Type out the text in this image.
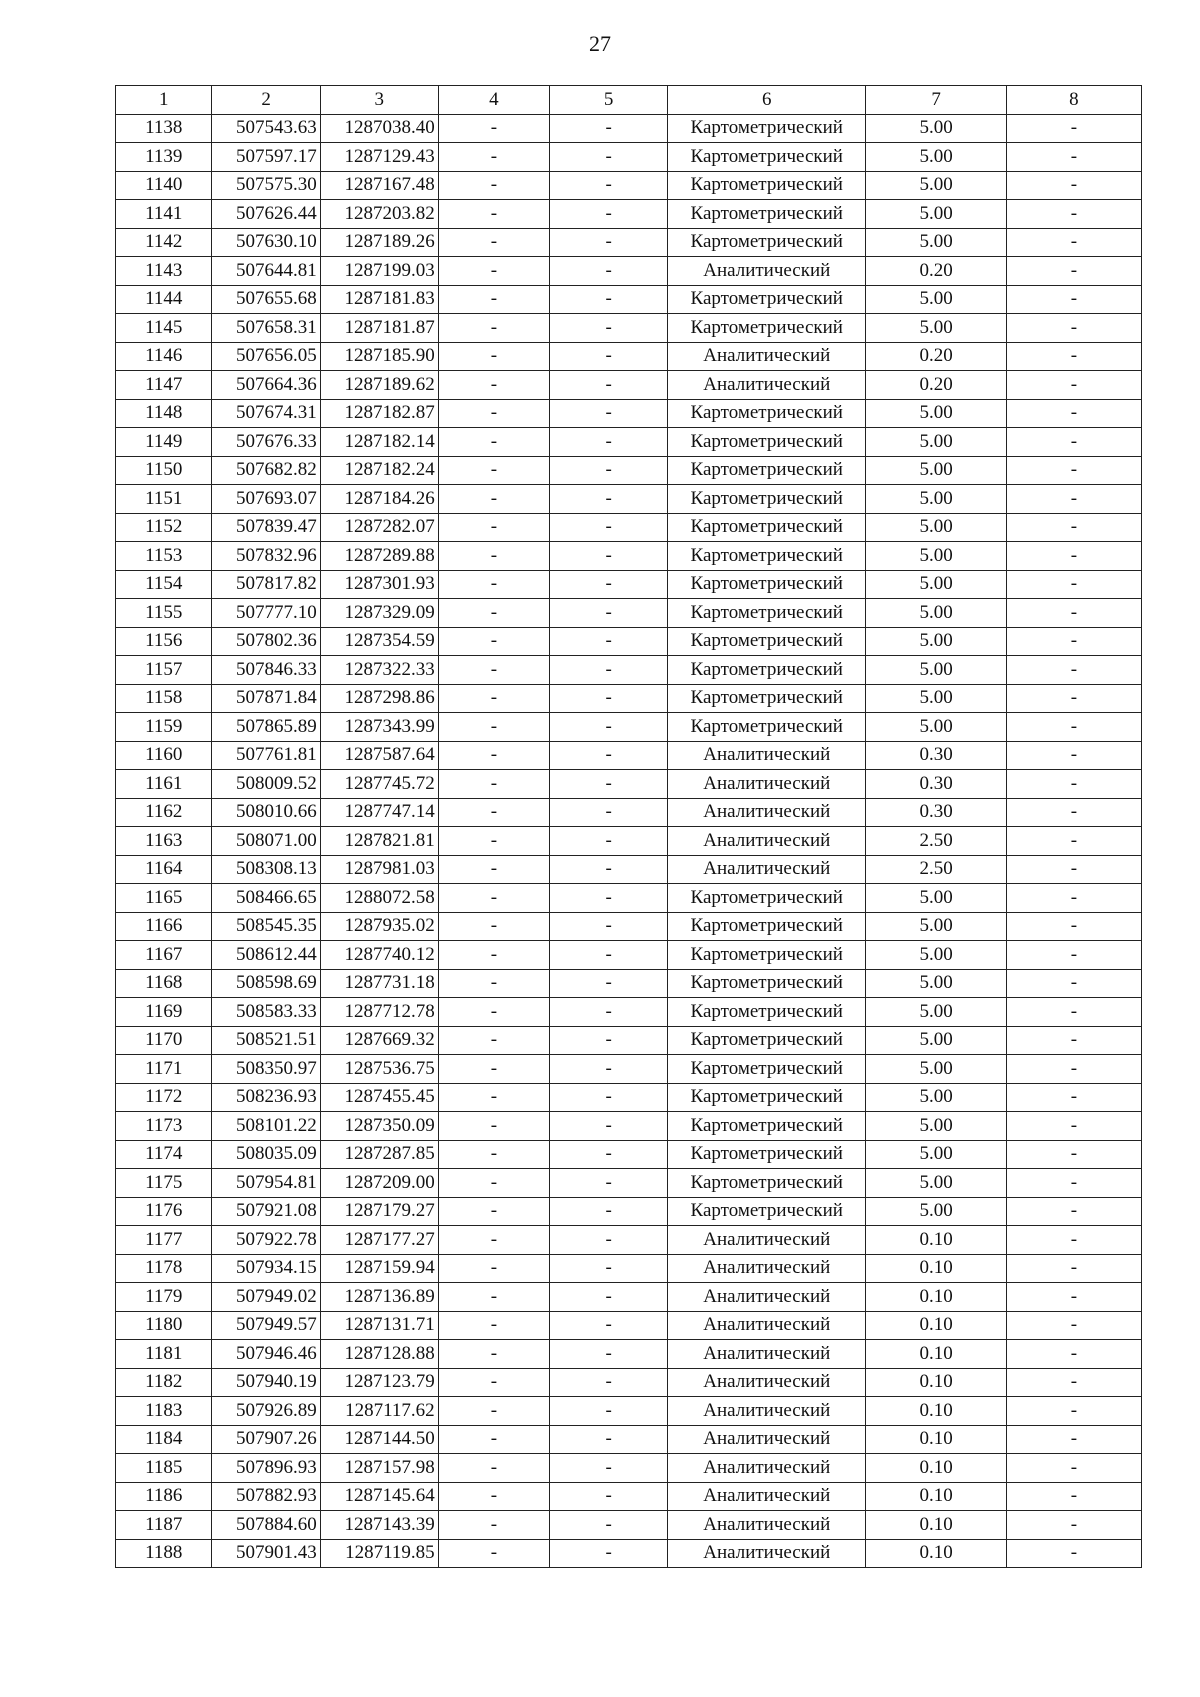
27
1	2	3	4	5	6	7	8
1138	507543.63	1287038.40	-	-	Картометрический	5.00	-
1139	507597.17	1287129.43	-	-	Картометрический	5.00	-
1140	507575.30	1287167.48	-	-	Картометрический	5.00	-
1141	507626.44	1287203.82	-	-	Картометрический	5.00	-
1142	507630.10	1287189.26	-	-	Картометрический	5.00	-
1143	507644.81	1287199.03	-	-	Аналитический	0.20	-
1144	507655.68	1287181.83	-	-	Картометрический	5.00	-
1145	507658.31	1287181.87	-	-	Картометрический	5.00	-
1146	507656.05	1287185.90	-	-	Аналитический	0.20	-
1147	507664.36	1287189.62	-	-	Аналитический	0.20	-
1148	507674.31	1287182.87	-	-	Картометрический	5.00	-
1149	507676.33	1287182.14	-	-	Картометрический	5.00	-
1150	507682.82	1287182.24	-	-	Картометрический	5.00	-
1151	507693.07	1287184.26	-	-	Картометрический	5.00	-
1152	507839.47	1287282.07	-	-	Картометрический	5.00	-
1153	507832.96	1287289.88	-	-	Картометрический	5.00	-
1154	507817.82	1287301.93	-	-	Картометрический	5.00	-
1155	507777.10	1287329.09	-	-	Картометрический	5.00	-
1156	507802.36	1287354.59	-	-	Картометрический	5.00	-
1157	507846.33	1287322.33	-	-	Картометрический	5.00	-
1158	507871.84	1287298.86	-	-	Картометрический	5.00	-
1159	507865.89	1287343.99	-	-	Картометрический	5.00	-
1160	507761.81	1287587.64	-	-	Аналитический	0.30	-
1161	508009.52	1287745.72	-	-	Аналитический	0.30	-
1162	508010.66	1287747.14	-	-	Аналитический	0.30	-
1163	508071.00	1287821.81	-	-	Аналитический	2.50	-
1164	508308.13	1287981.03	-	-	Аналитический	2.50	-
1165	508466.65	1288072.58	-	-	Картометрический	5.00	-
1166	508545.35	1287935.02	-	-	Картометрический	5.00	-
1167	508612.44	1287740.12	-	-	Картометрический	5.00	-
1168	508598.69	1287731.18	-	-	Картометрический	5.00	-
1169	508583.33	1287712.78	-	-	Картометрический	5.00	-
1170	508521.51	1287669.32	-	-	Картометрический	5.00	-
1171	508350.97	1287536.75	-	-	Картометрический	5.00	-
1172	508236.93	1287455.45	-	-	Картометрический	5.00	-
1173	508101.22	1287350.09	-	-	Картометрический	5.00	-
1174	508035.09	1287287.85	-	-	Картометрический	5.00	-
1175	507954.81	1287209.00	-	-	Картометрический	5.00	-
1176	507921.08	1287179.27	-	-	Картометрический	5.00	-
1177	507922.78	1287177.27	-	-	Аналитический	0.10	-
1178	507934.15	1287159.94	-	-	Аналитический	0.10	-
1179	507949.02	1287136.89	-	-	Аналитический	0.10	-
1180	507949.57	1287131.71	-	-	Аналитический	0.10	-
1181	507946.46	1287128.88	-	-	Аналитический	0.10	-
1182	507940.19	1287123.79	-	-	Аналитический	0.10	-
1183	507926.89	1287117.62	-	-	Аналитический	0.10	-
1184	507907.26	1287144.50	-	-	Аналитический	0.10	-
1185	507896.93	1287157.98	-	-	Аналитический	0.10	-
1186	507882.93	1287145.64	-	-	Аналитический	0.10	-
1187	507884.60	1287143.39	-	-	Аналитический	0.10	-
1188	507901.43	1287119.85	-	-	Аналитический	0.10	-
